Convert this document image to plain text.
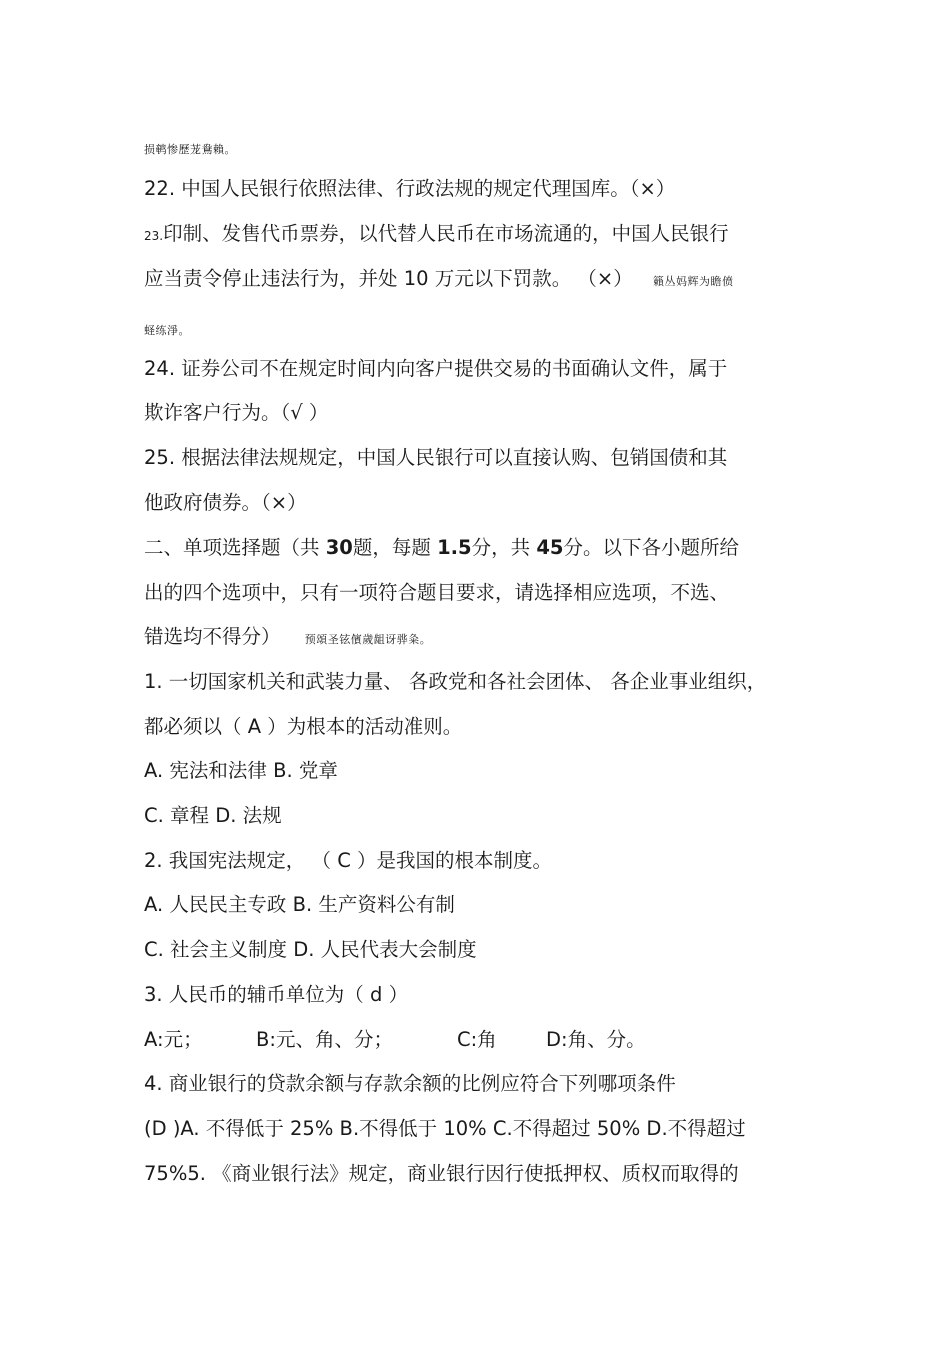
损鹌惨歷茏鴦賴。
22. 中国人民银行依照法律、行政法规的规定代理国库。（×）
23.印制、发售代币票券，以代替人民币在市场流通的，中国人民银行
应当责令停止违法行为，并处 10 万元以下罚款。 （×） 籟丛妈辉为瞻偾
蛏练淨。
24. 证券公司不在规定时间内向客户提供交易的书面确认文件，属于
欺诈客户行为。（√ ）
25. 根据法律法规规定，中国人民银行可以直接认购、包销国债和其
他政府债券。（×）
二、单项选择题（共 30题，每题 1.5分，共 45分。以下各小题所给
出的四个选项中，只有一项符合题目要求，请选择相应选项，不选、
错选均不得分） 预頌圣铉儐歲龃讶骅粂。
1. 一切国家机关和武装力量、 各政党和各社会团体、 各企业事业组织，
都必须以（ A ）为根本的活动准则。
A. 宪法和法律 B. 党章
C. 章程 D. 法规
2. 我国宪法规定， （ C ）是我国的根本制度。
A. 人民民主专政 B. 生产资料公有制
C. 社会主义制度 D. 人民代表大会制度
3. 人民币的辅币单位为（ d ）
A:元；	B:元、角、分；	C:角	D:角、分。
4. 商业银行的贷款余额与存款余额的比例应符合下列哪项条件
(D )A. 不得低于 25% B.不得低于 10% C.不得超过 50% D.不得超过
75%5. 《商业银行法》规定，商业银行因行使抵押权、质权而取得的
